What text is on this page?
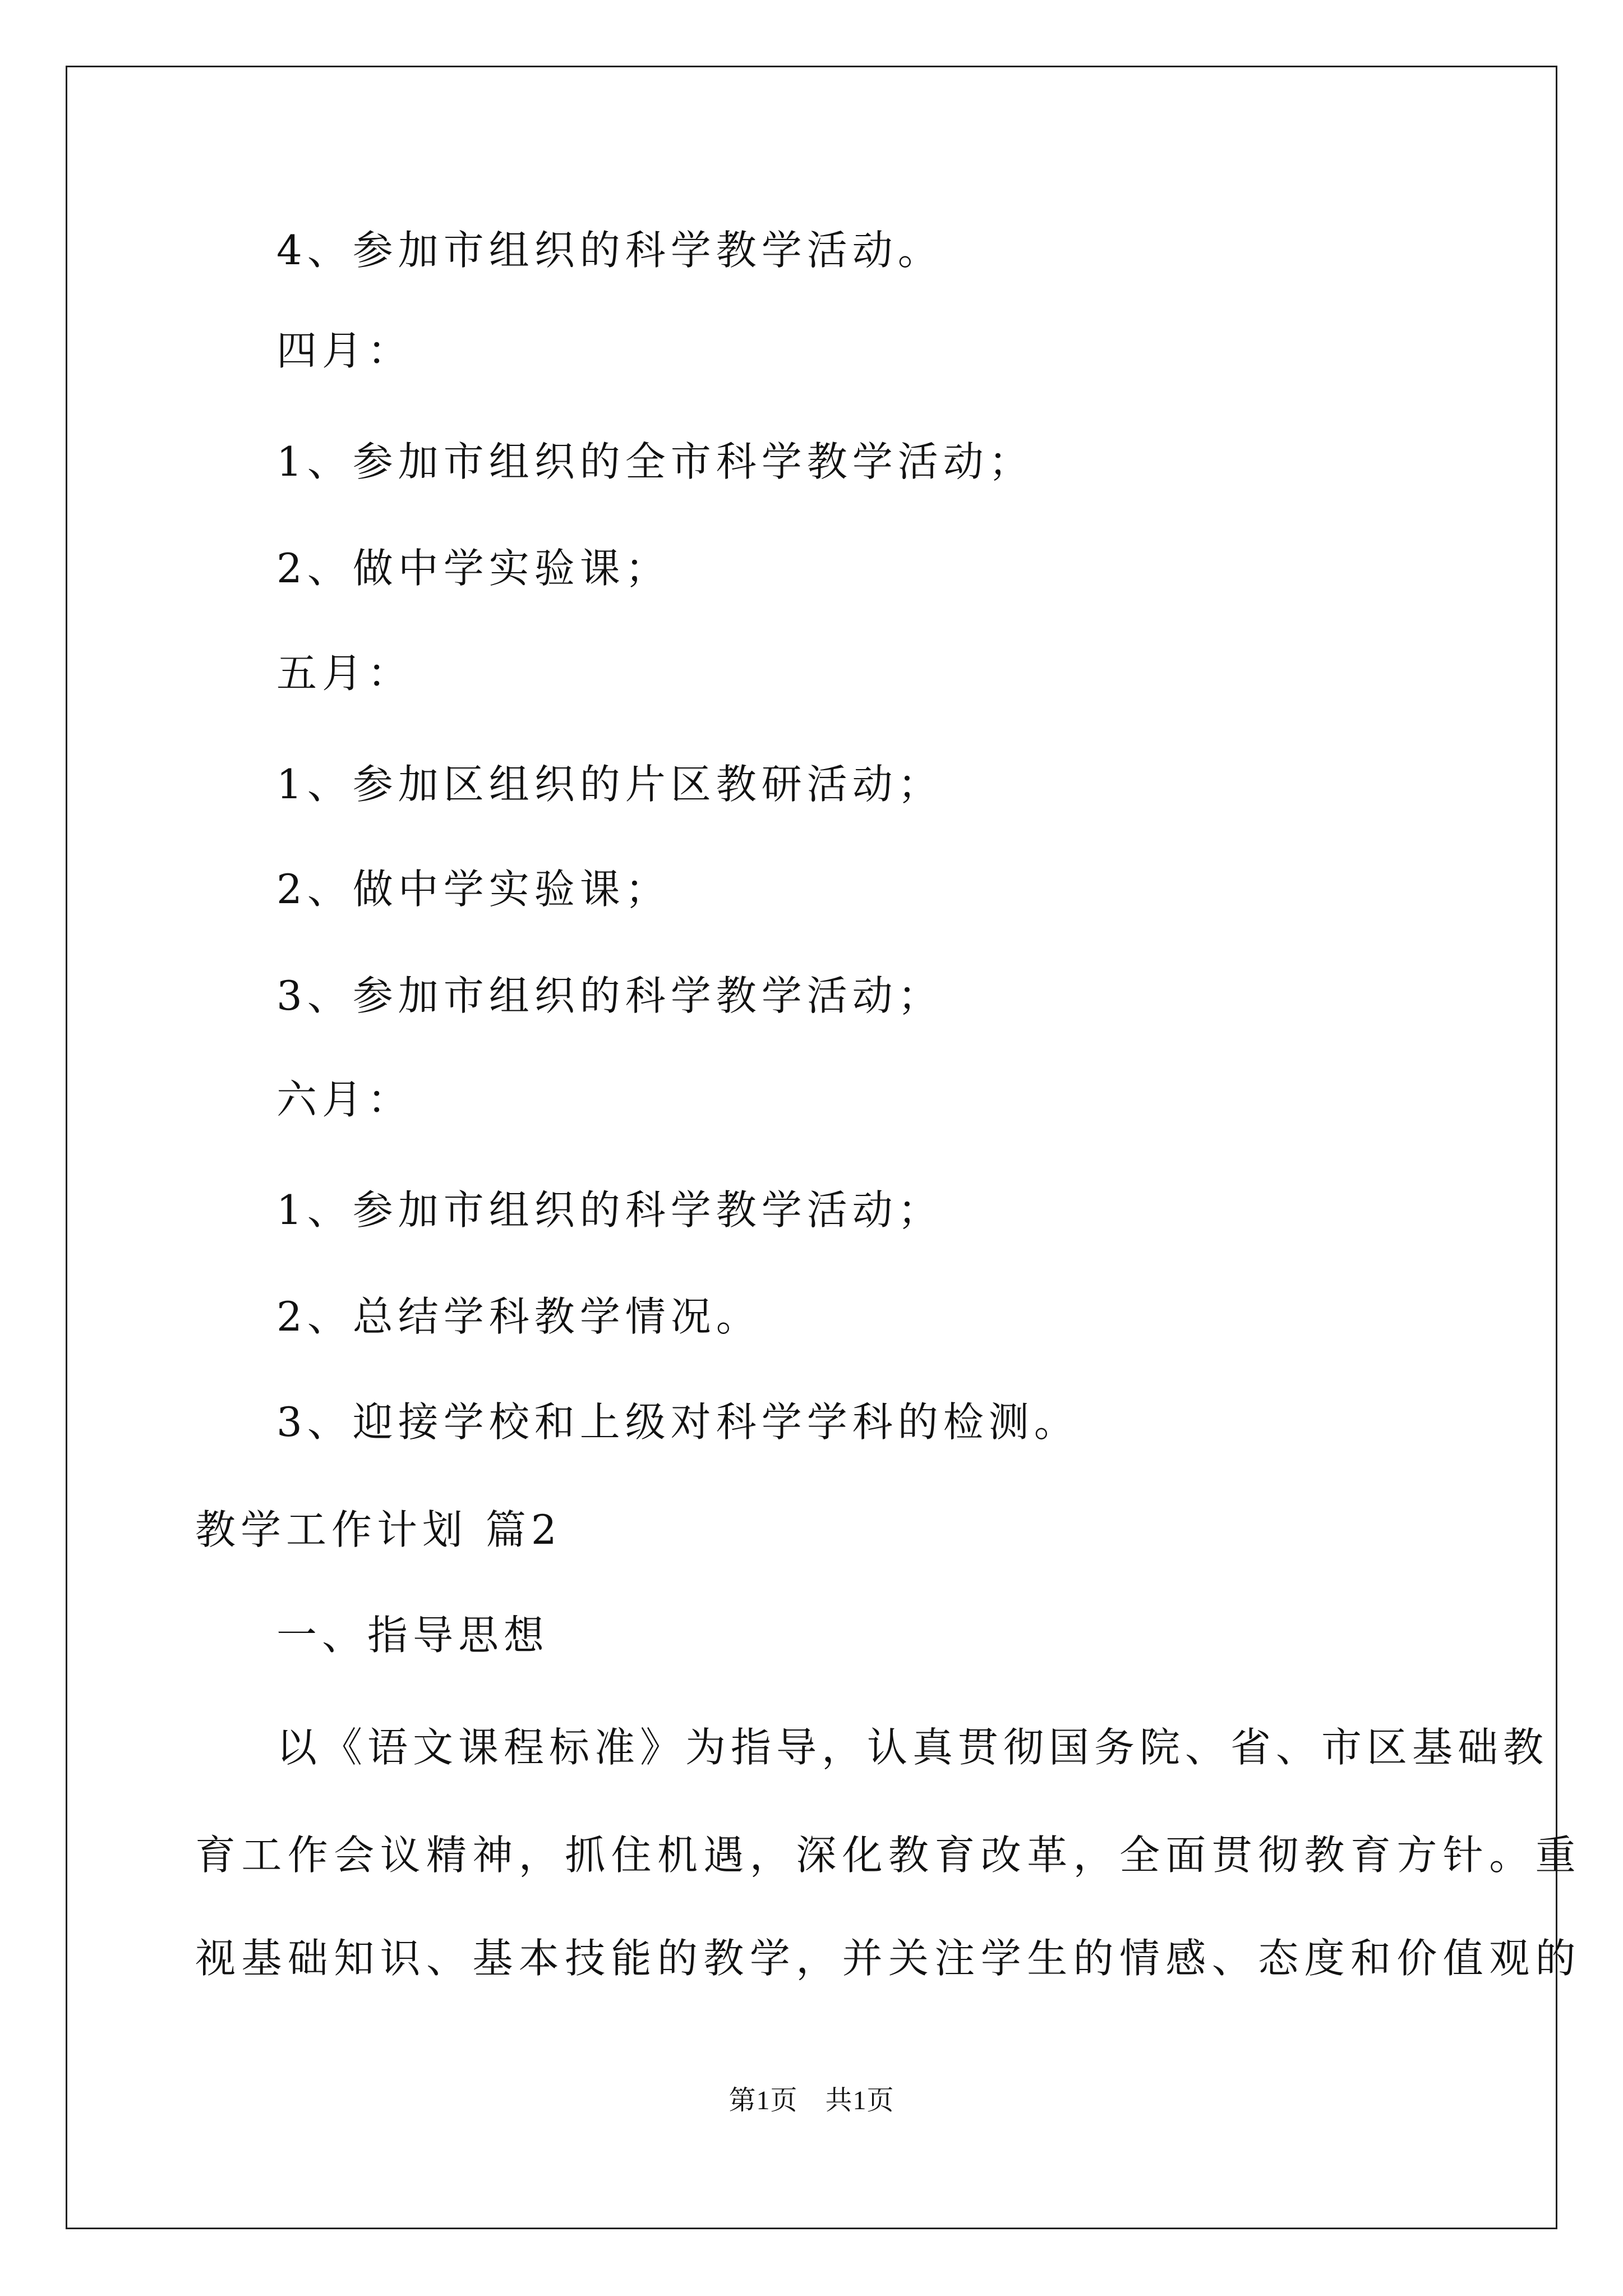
4、参加市组织的科学教学活动。
四月：
1、参加市组织的全市科学教学活动；
2、做中学实验课；
五月：
1、参加区组织的片区教研活动；
2、做中学实验课；
3、参加市组织的科学教学活动；
六月：
1、参加市组织的科学教学活动；
2、总结学科教学情况。
3、迎接学校和上级对科学学科的检测。
教学工作计划 篇2
一、指导思想
以《语文课程标准》为指导，认真贯彻国务院、省、市区基础教
育工作会议精神，抓住机遇，深化教育改革，全面贯彻教育方针。重
视基础知识、基本技能的教学，并关注学生的情感、态度和价值观的
第1页　共1页
